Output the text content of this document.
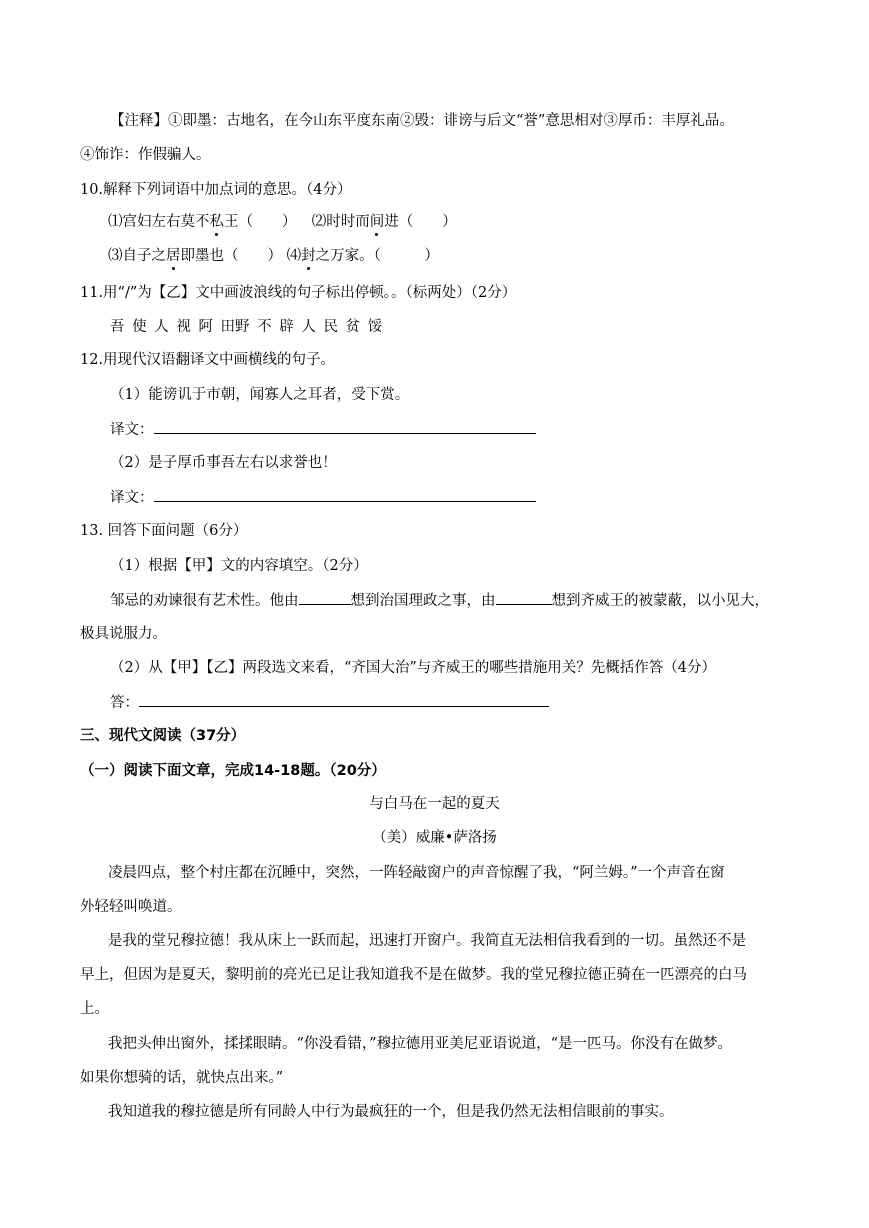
【注释】①即墨：古地名，在今山东平度东南②毁：诽谤与后文“誉”意思相对③厚币：丰厚礼品。
④饰诈：作假骗人。
10.解释下列词语中加点词的意思。（4分）
⑴宫妇左右莫不私王（　　） ⑵时时而间进（　　）
⑶自子之居即墨也（　　） ⑷封之万家。（　　　）
11.用“/”为【乙】文中画波浪线的句子标出停顿。。（标两处）（2分）
吾 使 人 视 阿 田野 不 辟 人 民 贫 馁
12.用现代汉语翻译文中画横线的句子。
（1）能谤讥于市朝，闻寡人之耳者，受下赏。
译文：
（2）是子厚币事吾左右以求誉也！
译文：
13. 回答下面问题（6分）
（1）根据【甲】文的内容填空。（2分）
邹忌的劝谏很有艺术性。他由	想到治国理政之事，由	想到齐威王的被蒙蔽，以小见大，
极具说服力。
（2）从【甲】【乙】两段选文来看，“齐国大治”与齐威王的哪些措施用关？先概括作答（4分）
答：
三、现代文阅读（37分）
（一）阅读下面文章，完成14-18题。（20分）
与白马在一起的夏天
（美）威廉•萨洛扬
凌晨四点，整个村庄都在沉睡中，突然，一阵轻敲窗户的声音惊醒了我，“阿兰姆。”一个声音在窗
外轻轻叫唤道。
是我的堂兄穆拉德！我从床上一跃而起，迅速打开窗户。我简直无法相信我看到的一切。虽然还不是
早上，但因为是夏天，黎明前的亮光已足让我知道我不是在做梦。我的堂兄穆拉德正骑在一匹漂亮的白马
上。
我把头伸出窗外，揉揉眼睛。“你没看错，”穆拉德用亚美尼亚语说道，“是一匹马。你没有在做梦。
如果你想骑的话，就快点出来。”
我知道我的穆拉德是所有同龄人中行为最疯狂的一个，但是我仍然无法相信眼前的事实。
